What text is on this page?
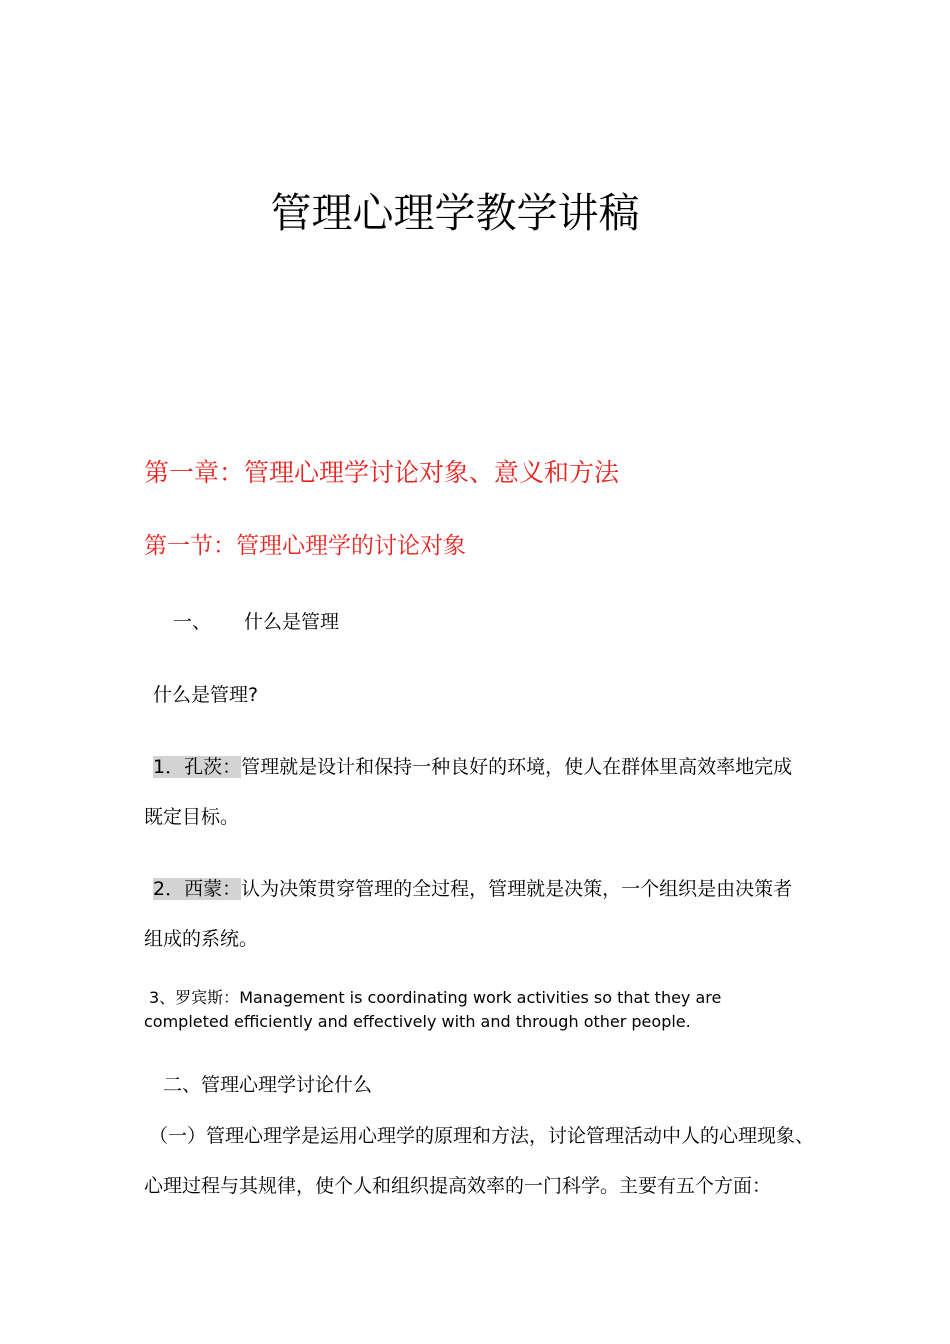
管理心理学教学讲稿
第一章：管理心理学讨论对象、意义和方法
第一节：管理心理学的讨论对象
一、 什么是管理
什么是管理?
1．孔茨：管理就是设计和保持一种良好的环境，使人在群体里高效率地完成
既定目标。
2．西蒙：认为决策贯穿管理的全过程，管理就是决策，一个组织是由决策者
组成的系统。
3、罗宾斯：Management is coordinating work activities so that they are
completed efficiently and effectively with and through other people.
二、管理心理学讨论什么
（一）管理心理学是运用心理学的原理和方法，讨论管理活动中人的心理现象、
心理过程与其规律，使个人和组织提高效率的一门科学。主要有五个方面：
